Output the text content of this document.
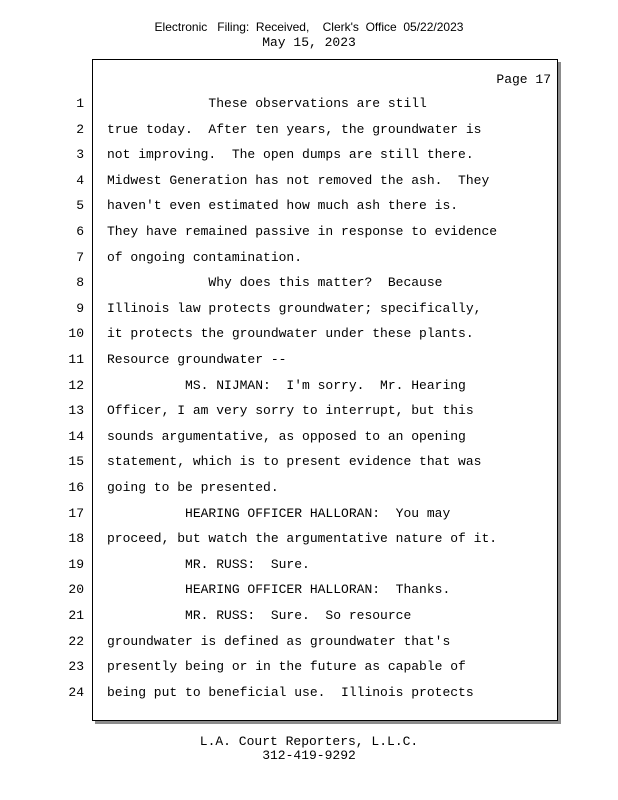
Electronic   Filing:  Received,    Clerk's  Office  05/22/2023
May 15, 2023
Page 17
1 These observations are still
2 true today.  After ten years, the groundwater is
3 not improving.  The open dumps are still there.
4 Midwest Generation has not removed the ash.  They
5 haven't even estimated how much ash there is.
6 They have remained passive in response to evidence
7 of ongoing contamination.
8 Why does this matter?  Because
9 Illinois law protects groundwater; specifically,
10 it protects the groundwater under these plants.
11 Resource groundwater --
12 MS. NIJMAN:  I'm sorry.  Mr. Hearing
13 Officer, I am very sorry to interrupt, but this
14 sounds argumentative, as opposed to an opening
15 statement, which is to present evidence that was
16 going to be presented.
17 HEARING OFFICER HALLORAN:  You may
18 proceed, but watch the argumentative nature of it.
19 MR. RUSS:  Sure.
20 HEARING OFFICER HALLORAN:  Thanks.
21 MR. RUSS:  Sure.  So resource
22 groundwater is defined as groundwater that's
23 presently being or in the future as capable of
24 being put to beneficial use.  Illinois protects
L.A. Court Reporters, L.L.C.
312-419-9292
